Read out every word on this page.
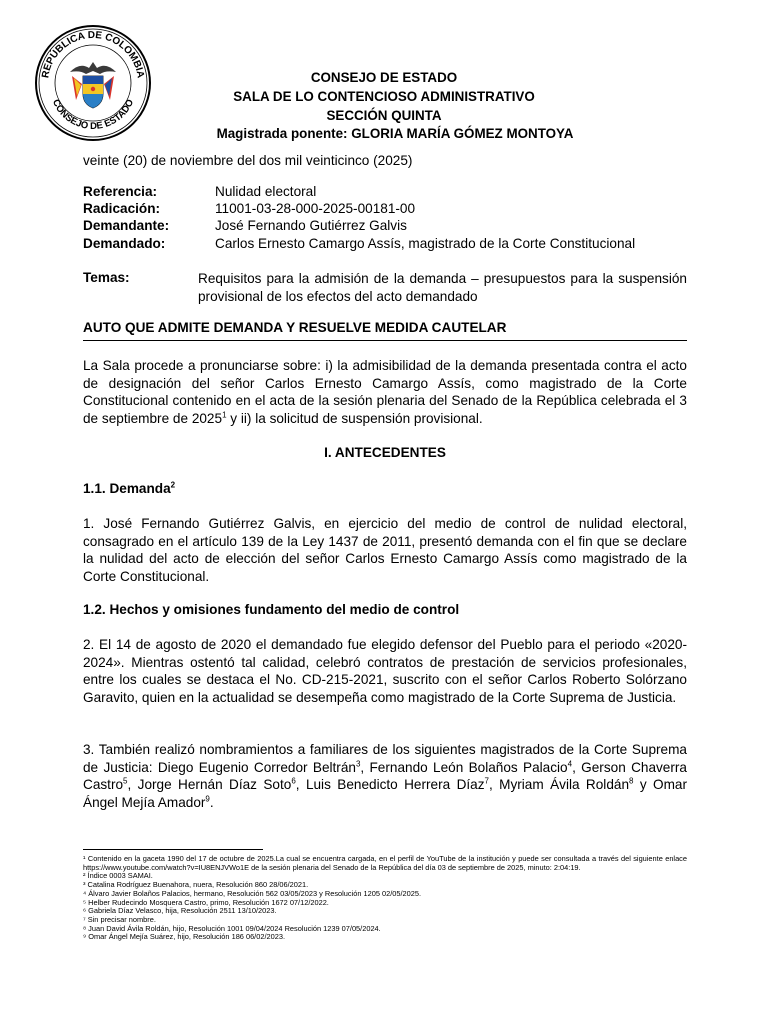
REPÚBLICA DE COLOMBIA
CONSEJO DE ESTADO
CONSEJO DE ESTADO
SALA DE LO CONTENCIOSO ADMINISTRATIVO
SECCIÓN QUINTA
Magistrada ponente: GLORIA MARÍA GÓMEZ MONTOYA
veinte (20) de noviembre del dos mil veinticinco (2025)
Referencia:	Nulidad electoral
Radicación:	11001-03-28-000-2025-00181-00
Demandante:	José Fernando Gutiérrez Galvis
Demandado:	Carlos Ernesto Camargo Assís, magistrado de la Corte Constitucional
Temas:	Requisitos para la admisión de la demanda – presupuestos para la suspensión provisional de los efectos del acto demandado
AUTO QUE ADMITE DEMANDA Y RESUELVE MEDIDA CAUTELAR
La Sala procede a pronunciarse sobre: i) la admisibilidad de la demanda presentada contra el acto de designación del señor Carlos Ernesto Camargo Assís, como magistrado de la Corte Constitucional contenido en el acta de la sesión plenaria del Senado de la República celebrada el 3 de septiembre de 2025$^1$ y ii) la solicitud de suspensión provisional.
I. ANTECEDENTES
1.1. Demanda$^2$
1. José Fernando Gutiérrez Galvis, en ejercicio del medio de control de nulidad electoral, consagrado en el artículo 139 de la Ley 1437 de 2011, presentó demanda con el fin que se declare la nulidad del acto de elección del señor Carlos Ernesto Camargo Assís como magistrado de la Corte Constitucional.
1.2. Hechos y omisiones fundamento del medio de control
2. El 14 de agosto de 2020 el demandado fue elegido defensor del Pueblo para el periodo «2020-2024». Mientras ostentó tal calidad, celebró contratos de prestación de servicios profesionales, entre los cuales se destaca el No. CD-215-2021, suscrito con el señor Carlos Roberto Solórzano Garavito, quien en la actualidad se desempeña como magistrado de la Corte Suprema de Justicia.
3. También realizó nombramientos a familiares de los siguientes magistrados de la Corte Suprema de Justicia: Diego Eugenio Corredor Beltrán$^3$, Fernando León Bolaños Palacio$^4$, Gerson Chaverra Castro$^5$, Jorge Hernán Díaz Soto$^6$, Luis Benedicto Herrera Díaz$^7$, Myriam Ávila Roldán$^8$ y Omar Ángel Mejía Amador$^9$.
¹ Contenido en la gaceta 1990 del 17 de octubre de 2025.La cual se encuentra cargada, en el perfil de YouTube de la institución y puede ser consultada a través del siguiente enlace https://www.youtube.com/watch?v=IU8ENJVWo1E de la sesión plenaria del Senado de la República del día 03 de septiembre de 2025, minuto: 2:04:19.
² Índice 0003 SAMAI.
³ Catalina Rodríguez Buenahora, nuera, Resolución 860 28/06/2021.
⁴ Álvaro Javier Bolaños Palacios, hermano, Resolución 562 03/05/2023 y Resolución 1205 02/05/2025.
⁵ Helber Rudecindo Mosquera Castro, primo, Resolución 1672 07/12/2022.
⁶ Gabriela Díaz Velasco, hija, Resolución 2511 13/10/2023.
⁷ Sin precisar nombre.
⁸ Juan David Ávila Roldán, hijo, Resolución 1001 09/04/2024 Resolución 1239 07/05/2024.
⁹ Omar Ángel Mejía Suárez, hijo, Resolución 186 06/02/2023.
